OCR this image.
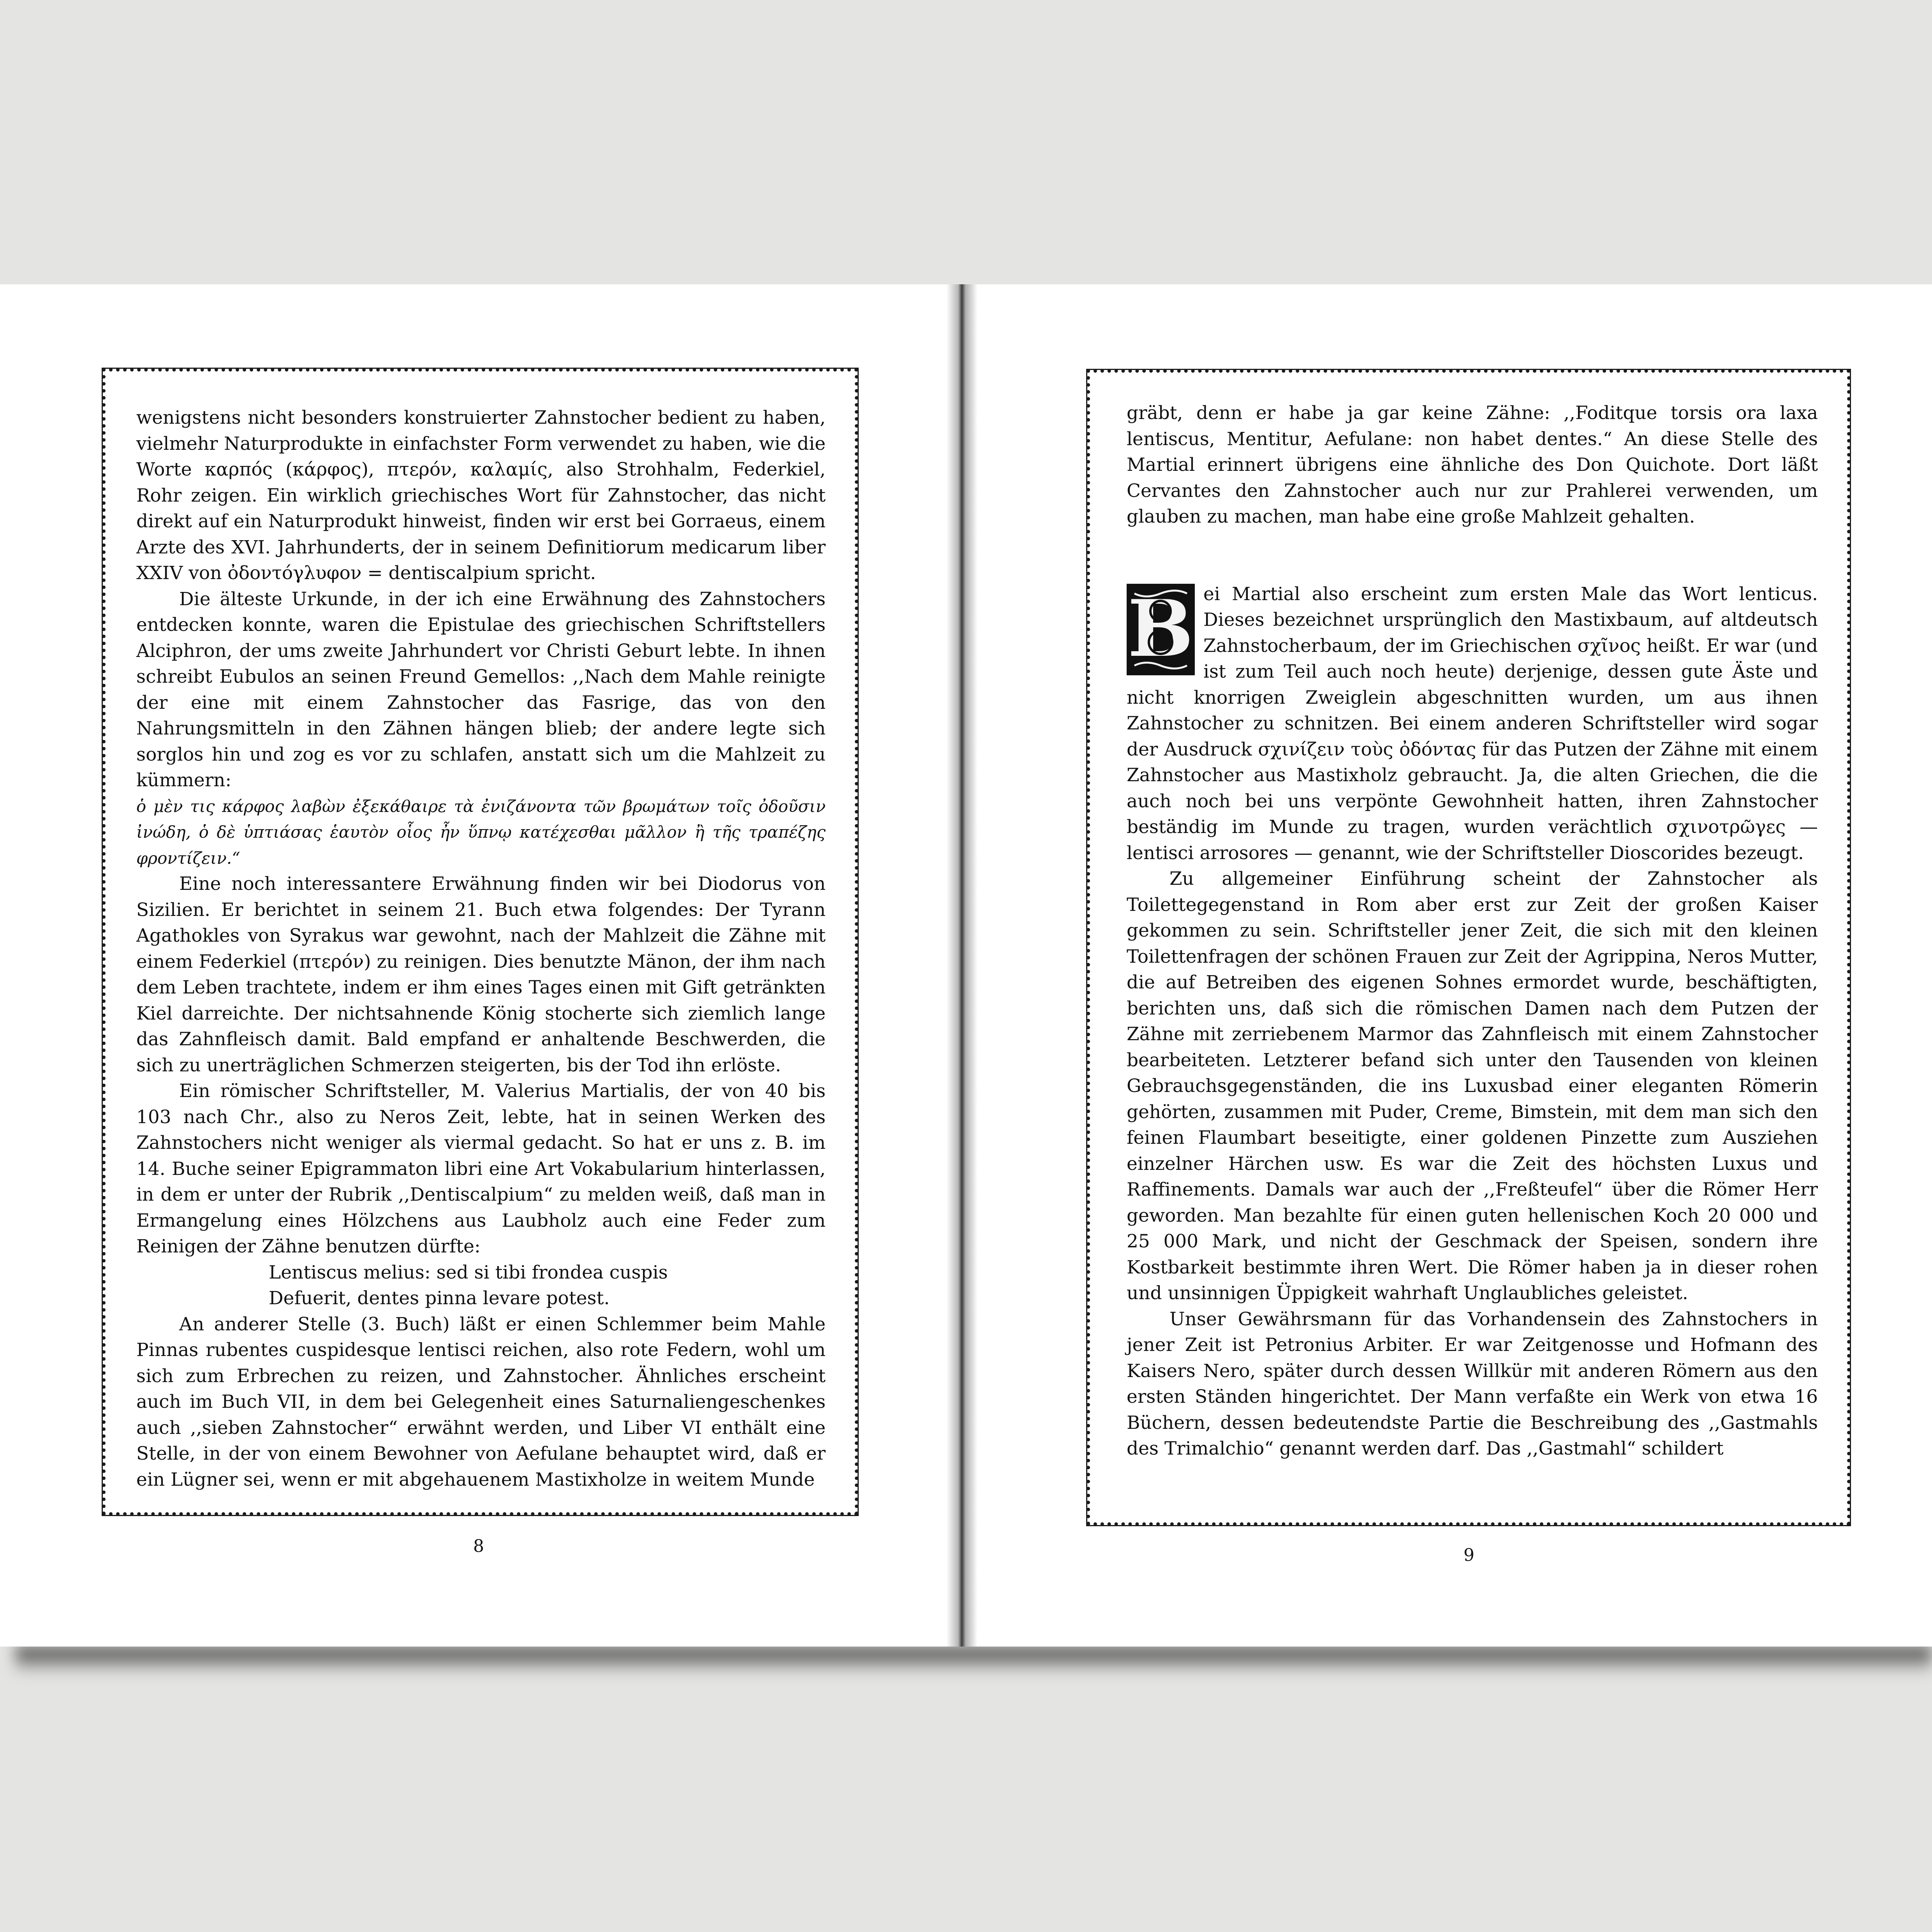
wenigstens nicht besonders konstruierter Zahnstocher bedient zu haben, vielmehr Naturprodukte in einfachster Form verwendet zu haben, wie die Worte καρπός (κάρφος), πτερόν, καλαμίς, also Strohhalm, Federkiel, Rohr zeigen. Ein wirklich griechisches Wort für Zahnstocher, das nicht direkt auf ein Naturprodukt hinweist, finden wir erst bei Gorraeus, einem Arzte des XVI. Jahrhunderts, der in seinem Definitiorum medicarum liber XXIV von ὀδοντόγλυφον = dentiscalpium spricht.

Die älteste Urkunde, in der ich eine Erwähnung des Zahnstochers entdecken konnte, waren die Epistulae des griechischen Schriftstellers Alciphron, der ums zweite Jahrhundert vor Christi Geburt lebte. In ihnen schreibt Eubulos an seinen Freund Gemellos: ,,Nach dem Mahle reinigte der eine mit einem Zahnstocher das Fasrige, das von den Nahrungsmitteln in den Zähnen hängen blieb; der andere legte sich sorglos hin und zog es vor zu schlafen, anstatt sich um die Mahlzeit zu kümmern:

ὁ μὲν τις κάρφος λαβὼν ἐξεκάθαιρε τὰ ἐνιζάνοντα τῶν βρωμάτων τοῖς ὀδοῦσιν ἰνώδη, ὁ δὲ ὑπτιάσας ἑαυτὸν οἷος ἦν ὕπνῳ κατέχεσθαι μᾶλλον ἢ τῆς τραπέζης φροντίζειν.“

Eine noch interessantere Erwähnung finden wir bei Diodorus von Sizilien. Er berichtet in seinem 21. Buch etwa folgendes: Der Tyrann Agathokles von Syrakus war gewohnt, nach der Mahlzeit die Zähne mit einem Federkiel (πτερόν) zu reinigen. Dies benutzte Mänon, der ihm nach dem Leben trachtete, indem er ihm eines Tages einen mit Gift getränkten Kiel darreichte. Der nichtsahnende König stocherte sich ziemlich lange das Zahnfleisch damit. Bald empfand er anhaltende Beschwerden, die sich zu unerträglichen Schmerzen steigerten, bis der Tod ihn erlöste.

Ein römischer Schriftsteller, M. Valerius Martialis, der von 40 bis 103 nach Chr., also zu Neros Zeit, lebte, hat in seinen Werken des Zahnstochers nicht weniger als viermal gedacht. So hat er uns z. B. im 14. Buche seiner Epigrammaton libri eine Art Vokabularium hinterlassen, in dem er unter der Rubrik ,,Dentiscalpium“ zu melden weiß, daß man in Ermangelung eines Hölzchens aus Laubholz auch eine Feder zum Reinigen der Zähne benutzen dürfte:

Lentiscus melius: sed si tibi frondea cuspis

Defuerit, dentes pinna levare potest.

An anderer Stelle (3. Buch) läßt er einen Schlemmer beim Mahle Pinnas rubentes cuspidesque lentisci reichen, also rote Federn, wohl um sich zum Erbrechen zu reizen, und Zahnstocher. Ähnliches erscheint auch im Buch VII, in dem bei Gelegenheit eines Saturnaliengeschenkes auch ,,sieben Zahnstocher“ erwähnt werden, und Liber VI enthält eine Stelle, in der von einem Bewohner von Aefulane behauptet wird, daß er ein Lügner sei, wenn er mit abgehauenem Mastixholze in weitem Munde

8

gräbt, denn er habe ja gar keine Zähne: ,,Foditque torsis ora laxa lentiscus, Mentitur, Aefulane: non habet dentes.“ An diese Stelle des Martial erinnert übrigens eine ähnliche des Don Quichote. Dort läßt Cervantes den Zahnstocher auch nur zur Prahlerei verwenden, um glauben zu machen, man habe eine große Mahlzeit gehalten.

B ei Martial also erscheint zum ersten Male das Wort lenticus. Dieses bezeichnet ursprünglich den Mastixbaum, auf altdeutsch Zahnstocherbaum, der im Griechischen σχῖνος heißt. Er war (und ist zum Teil auch noch heute) derjenige, dessen gute Äste und nicht knorrigen Zweiglein abgeschnitten wurden, um aus ihnen Zahnstocher zu schnitzen. Bei einem anderen Schriftsteller wird sogar der Ausdruck σχινίζειν τοὺς ὀδόντας für das Putzen der Zähne mit einem Zahnstocher aus Mastixholz gebraucht. Ja, die alten Griechen, die die auch noch bei uns verpönte Gewohnheit hatten, ihren Zahnstocher beständig im Munde zu tragen, wurden verächtlich σχινοτρῶγες — lentisci arrosores — genannt, wie der Schriftsteller Dioscorides bezeugt.

Zu allgemeiner Einführung scheint der Zahnstocher als Toilettegegenstand in Rom aber erst zur Zeit der großen Kaiser gekommen zu sein. Schriftsteller jener Zeit, die sich mit den kleinen Toilettenfragen der schönen Frauen zur Zeit der Agrippina, Neros Mutter, die auf Betreiben des eigenen Sohnes ermordet wurde, beschäftigten, berichten uns, daß sich die römischen Damen nach dem Putzen der Zähne mit zerriebenem Marmor das Zahnfleisch mit einem Zahnstocher bearbeiteten. Letzterer befand sich unter den Tausenden von kleinen Gebrauchsgegenständen, die ins Luxusbad einer eleganten Römerin gehörten, zusammen mit Puder, Creme, Bimstein, mit dem man sich den feinen Flaumbart beseitigte, einer goldenen Pinzette zum Ausziehen einzelner Härchen usw. Es war die Zeit des höchsten Luxus und Raffinements. Damals war auch der ,,Freßteufel“ über die Römer Herr geworden. Man bezahlte für einen guten hellenischen Koch 20 000 und 25 000 Mark, und nicht der Geschmack der Speisen, sondern ihre Kostbarkeit bestimmte ihren Wert. Die Römer haben ja in dieser rohen und unsinnigen Üppigkeit wahrhaft Unglaubliches geleistet.

Unser Gewährsmann für das Vorhandensein des Zahnstochers in jener Zeit ist Petronius Arbiter. Er war Zeitgenosse und Hofmann des Kaisers Nero, später durch dessen Willkür mit anderen Römern aus den ersten Ständen hingerichtet. Der Mann verfaßte ein Werk von etwa 16 Büchern, dessen bedeutendste Partie die Beschreibung des ,,Gastmahls des Trimalchio“ genannt werden darf. Das ,,Gastmahl“ schildert

9
